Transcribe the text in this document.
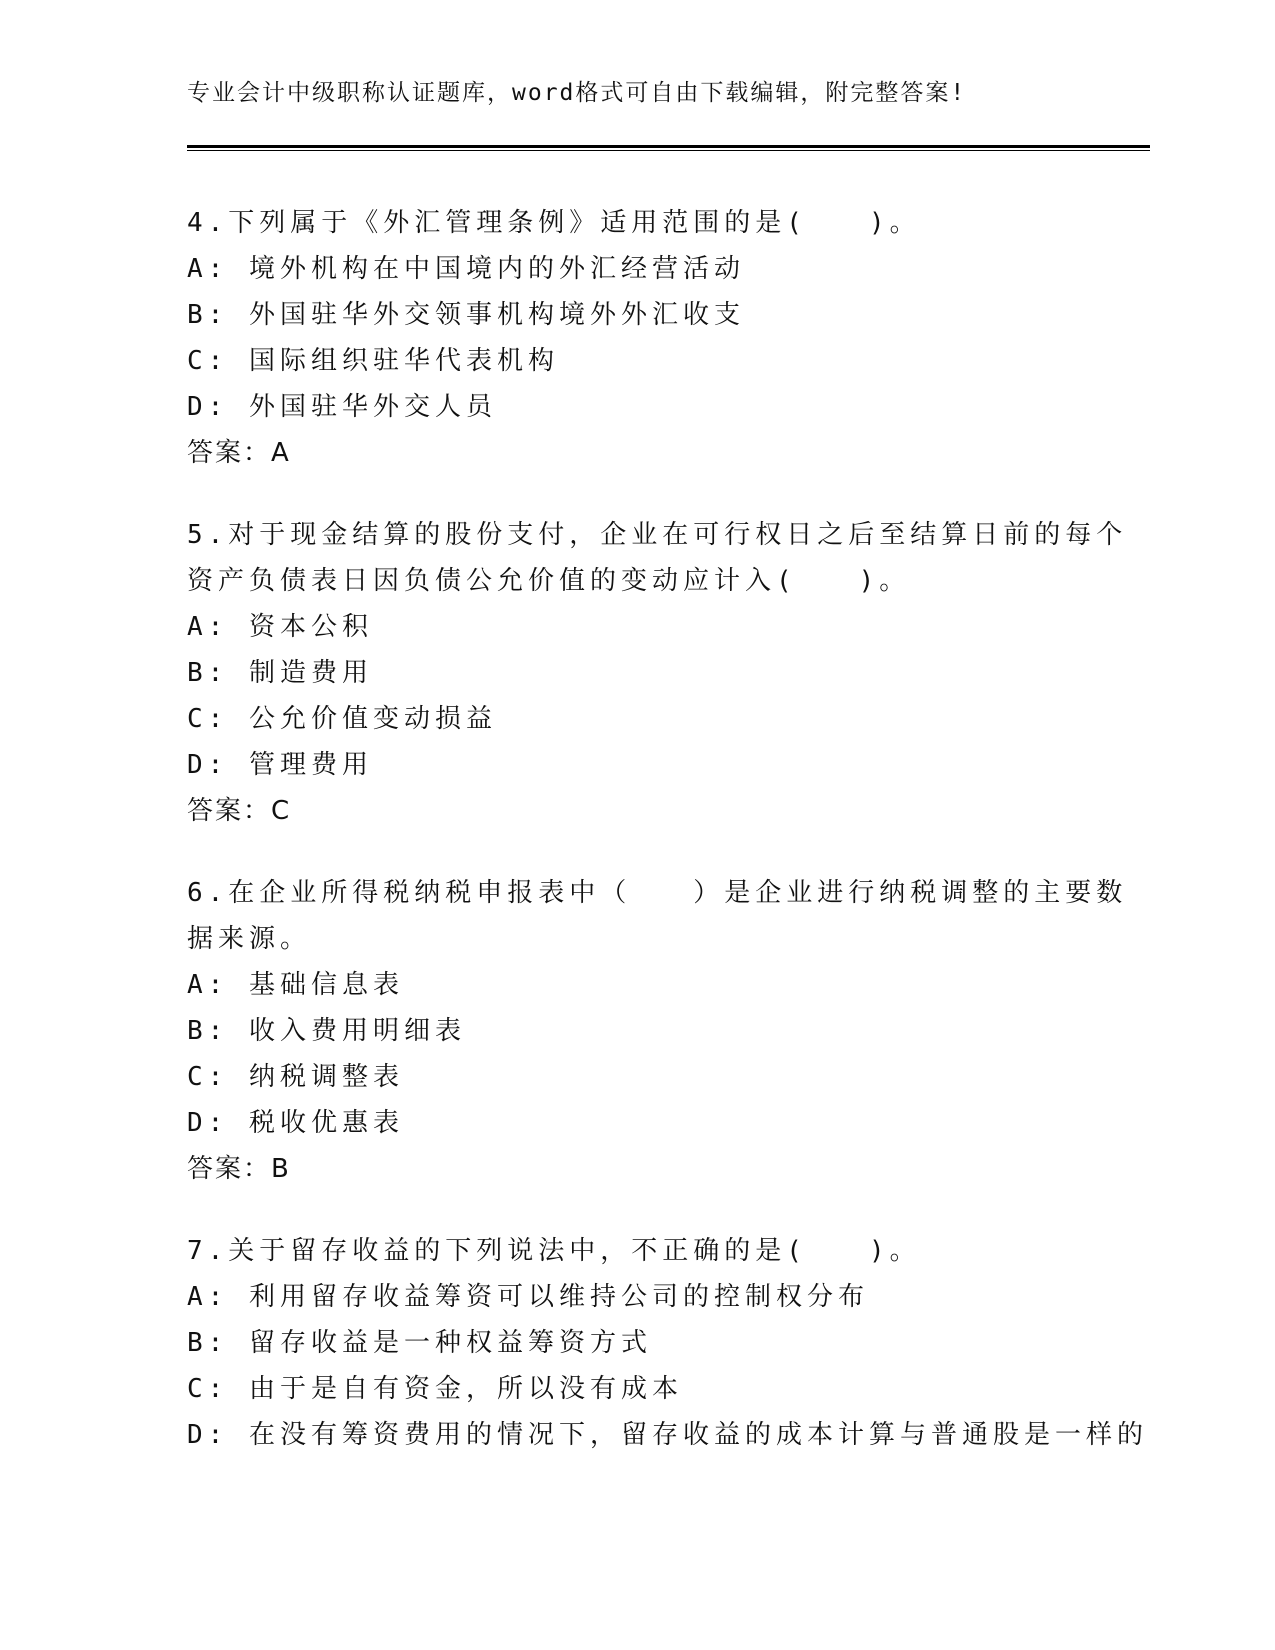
专业会计中级职称认证题库，word格式可自由下载编辑，附完整答案!
4.下列属于《外汇管理条例》适用范围的是(　　)。
A: 境外机构在中国境内的外汇经营活动
B: 外国驻华外交领事机构境外外汇收支
C: 国际组织驻华代表机构
D: 外国驻华外交人员
答案：A
5.对于现金结算的股份支付，企业在可行权日之后至结算日前的每个
资产负债表日因负债公允价值的变动应计入(　　)。
A: 资本公积
B: 制造费用
C: 公允价值变动损益
D: 管理费用
答案：C
6.在企业所得税纳税申报表中（　　）是企业进行纳税调整的主要数
据来源。
A: 基础信息表
B: 收入费用明细表
C: 纳税调整表
D: 税收优惠表
答案：B
7.关于留存收益的下列说法中，不正确的是(　　)。
A: 利用留存收益筹资可以维持公司的控制权分布
B: 留存收益是一种权益筹资方式
C: 由于是自有资金，所以没有成本
D: 在没有筹资费用的情况下，留存收益的成本计算与普通股是一样的
